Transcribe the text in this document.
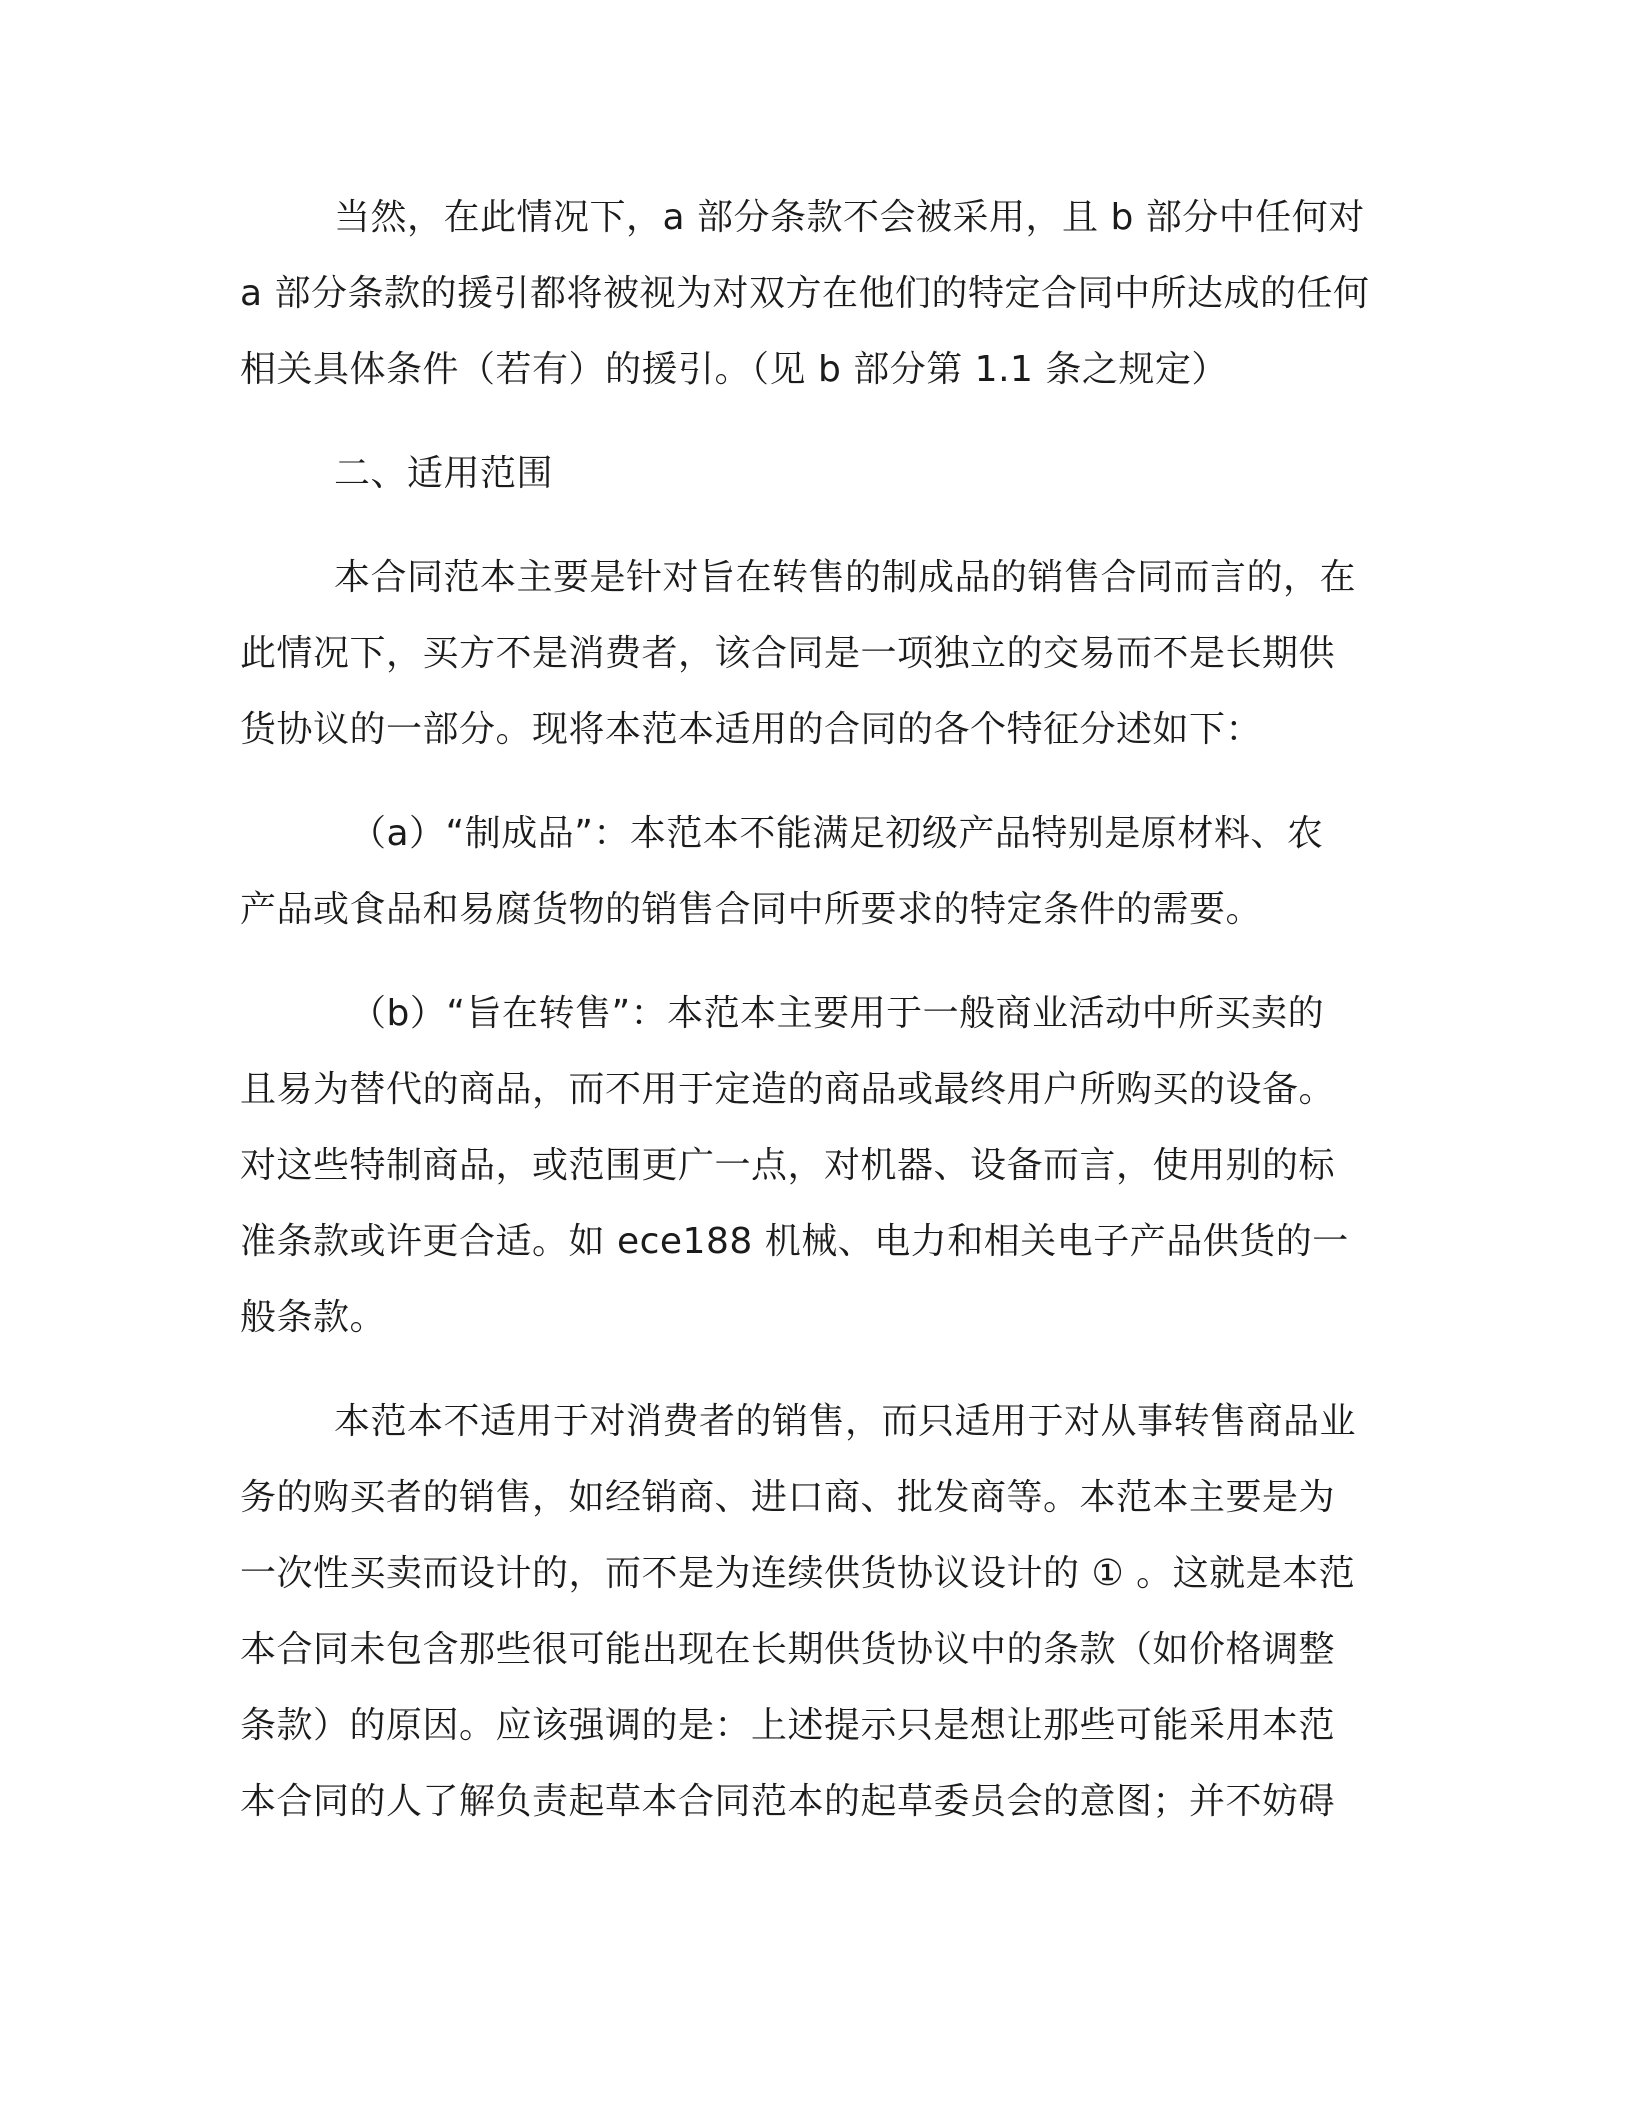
当然，在此情况下，a 部分条款不会被采用，且 b 部分中任何对
a 部分条款的援引都将被视为对双方在他们的特定合同中所达成的任何
相关具体条件（若有）的援引。（见 b 部分第 1.1 条之规定）
二、适用范围
本合同范本主要是针对旨在转售的制成品的销售合同而言的，在
此情况下，买方不是消费者，该合同是一项独立的交易而不是长期供
货协议的一部分。现将本范本适用的合同的各个特征分述如下：
（a）“制成品”：本范本不能满足初级产品特别是原材料、农
产品或食品和易腐货物的销售合同中所要求的特定条件的需要。
（b）“旨在转售”：本范本主要用于一般商业活动中所买卖的
且易为替代的商品，而不用于定造的商品或最终用户所购买的设备。
对这些特制商品，或范围更广一点，对机器、设备而言，使用别的标
准条款或许更合适。如 ece188 机械、电力和相关电子产品供货的一
般条款。
本范本不适用于对消费者的销售，而只适用于对从事转售商品业
务的购买者的销售，如经销商、进口商、批发商等。本范本主要是为
一次性买卖而设计的，而不是为连续供货协议设计的 ① 。这就是本范
本合同未包含那些很可能出现在长期供货协议中的条款（如价格调整
条款）的原因。应该强调的是：上述提示只是想让那些可能采用本范
本合同的人了解负责起草本合同范本的起草委员会的意图；并不妨碍
